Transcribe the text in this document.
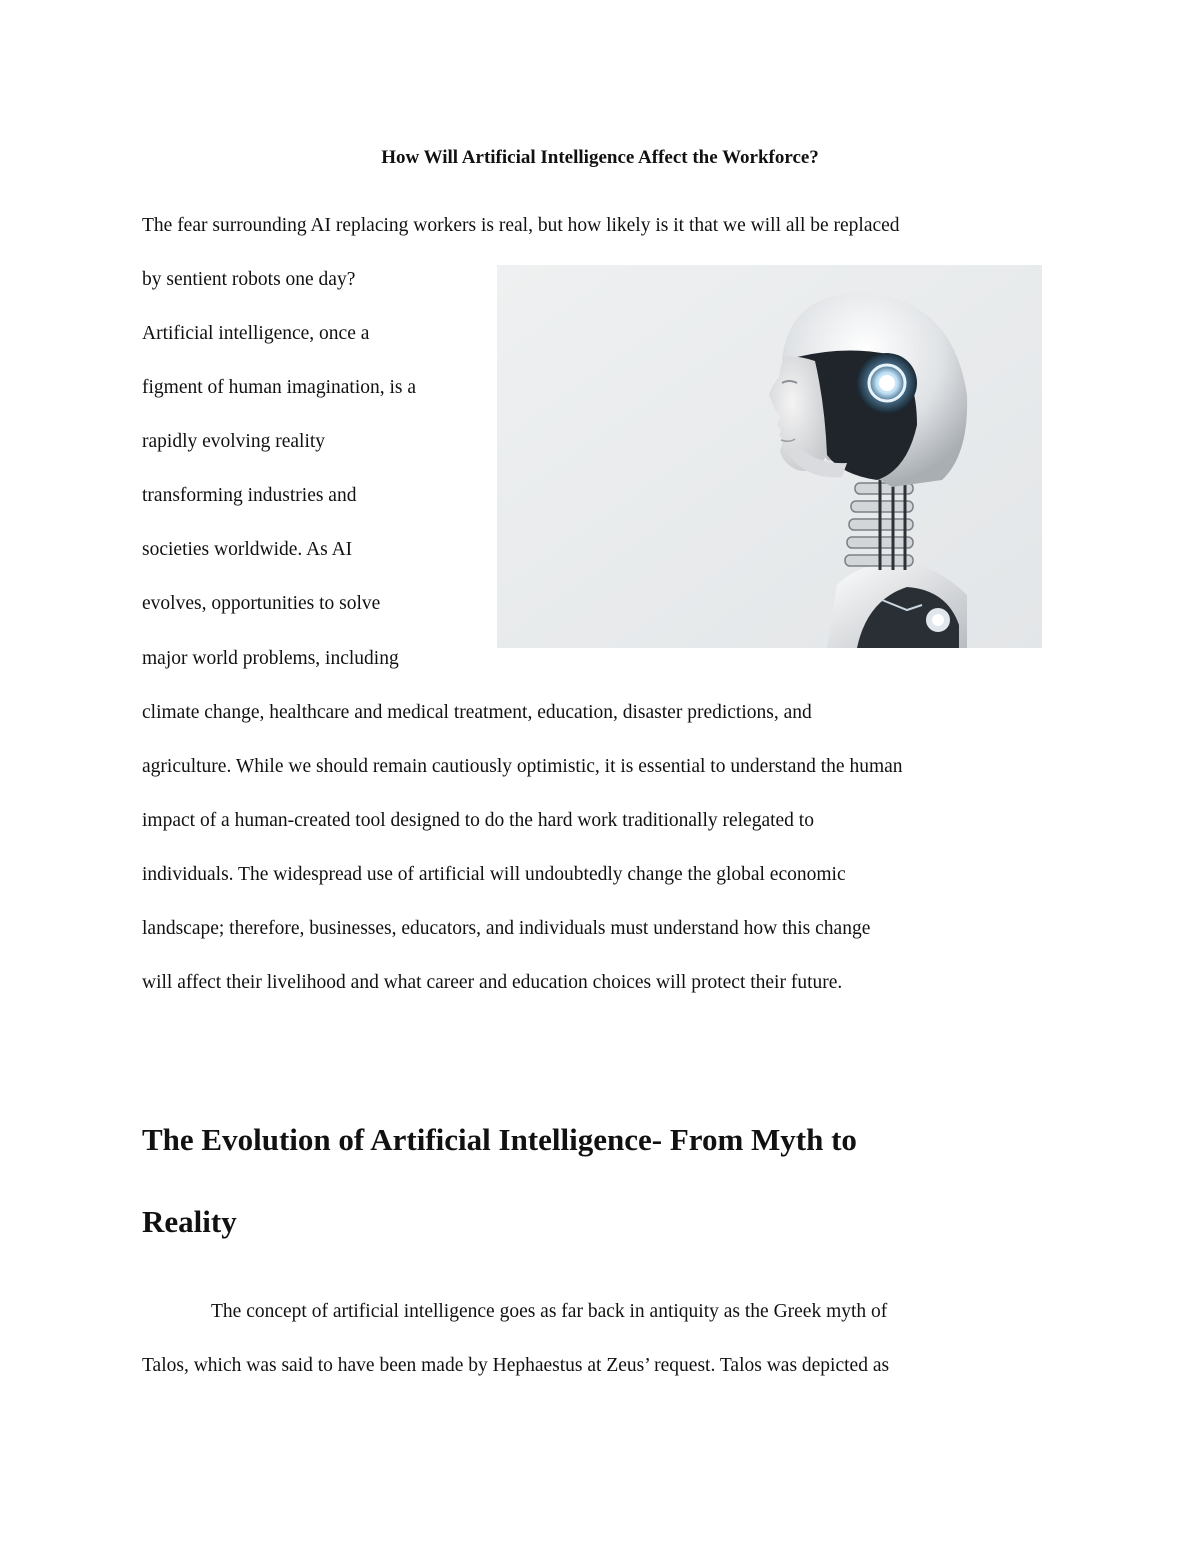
How Will Artificial Intelligence Affect the Workforce?
The fear surrounding AI replacing workers is real, but how likely is it that we will all be replaced
by sentient robots one day?
Artificial intelligence, once a
figment of human imagination, is a
rapidly evolving reality
transforming industries and
societies worldwide. As AI
evolves, opportunities to solve
major world problems, including
climate change, healthcare and medical treatment, education, disaster predictions, and
agriculture. While we should remain cautiously optimistic, it is essential to understand the human
impact of a human-created tool designed to do the hard work traditionally relegated to
individuals. The widespread use of artificial will undoubtedly change the global economic
landscape; therefore, businesses, educators, and individuals must understand how this change
will affect their livelihood and what career and education choices will protect their future.
The Evolution of Artificial Intelligence- From Myth to
Reality
The concept of artificial intelligence goes as far back in antiquity as the Greek myth of
Talos, which was said to have been made by Hephaestus at Zeus’ request. Talos was depicted as
